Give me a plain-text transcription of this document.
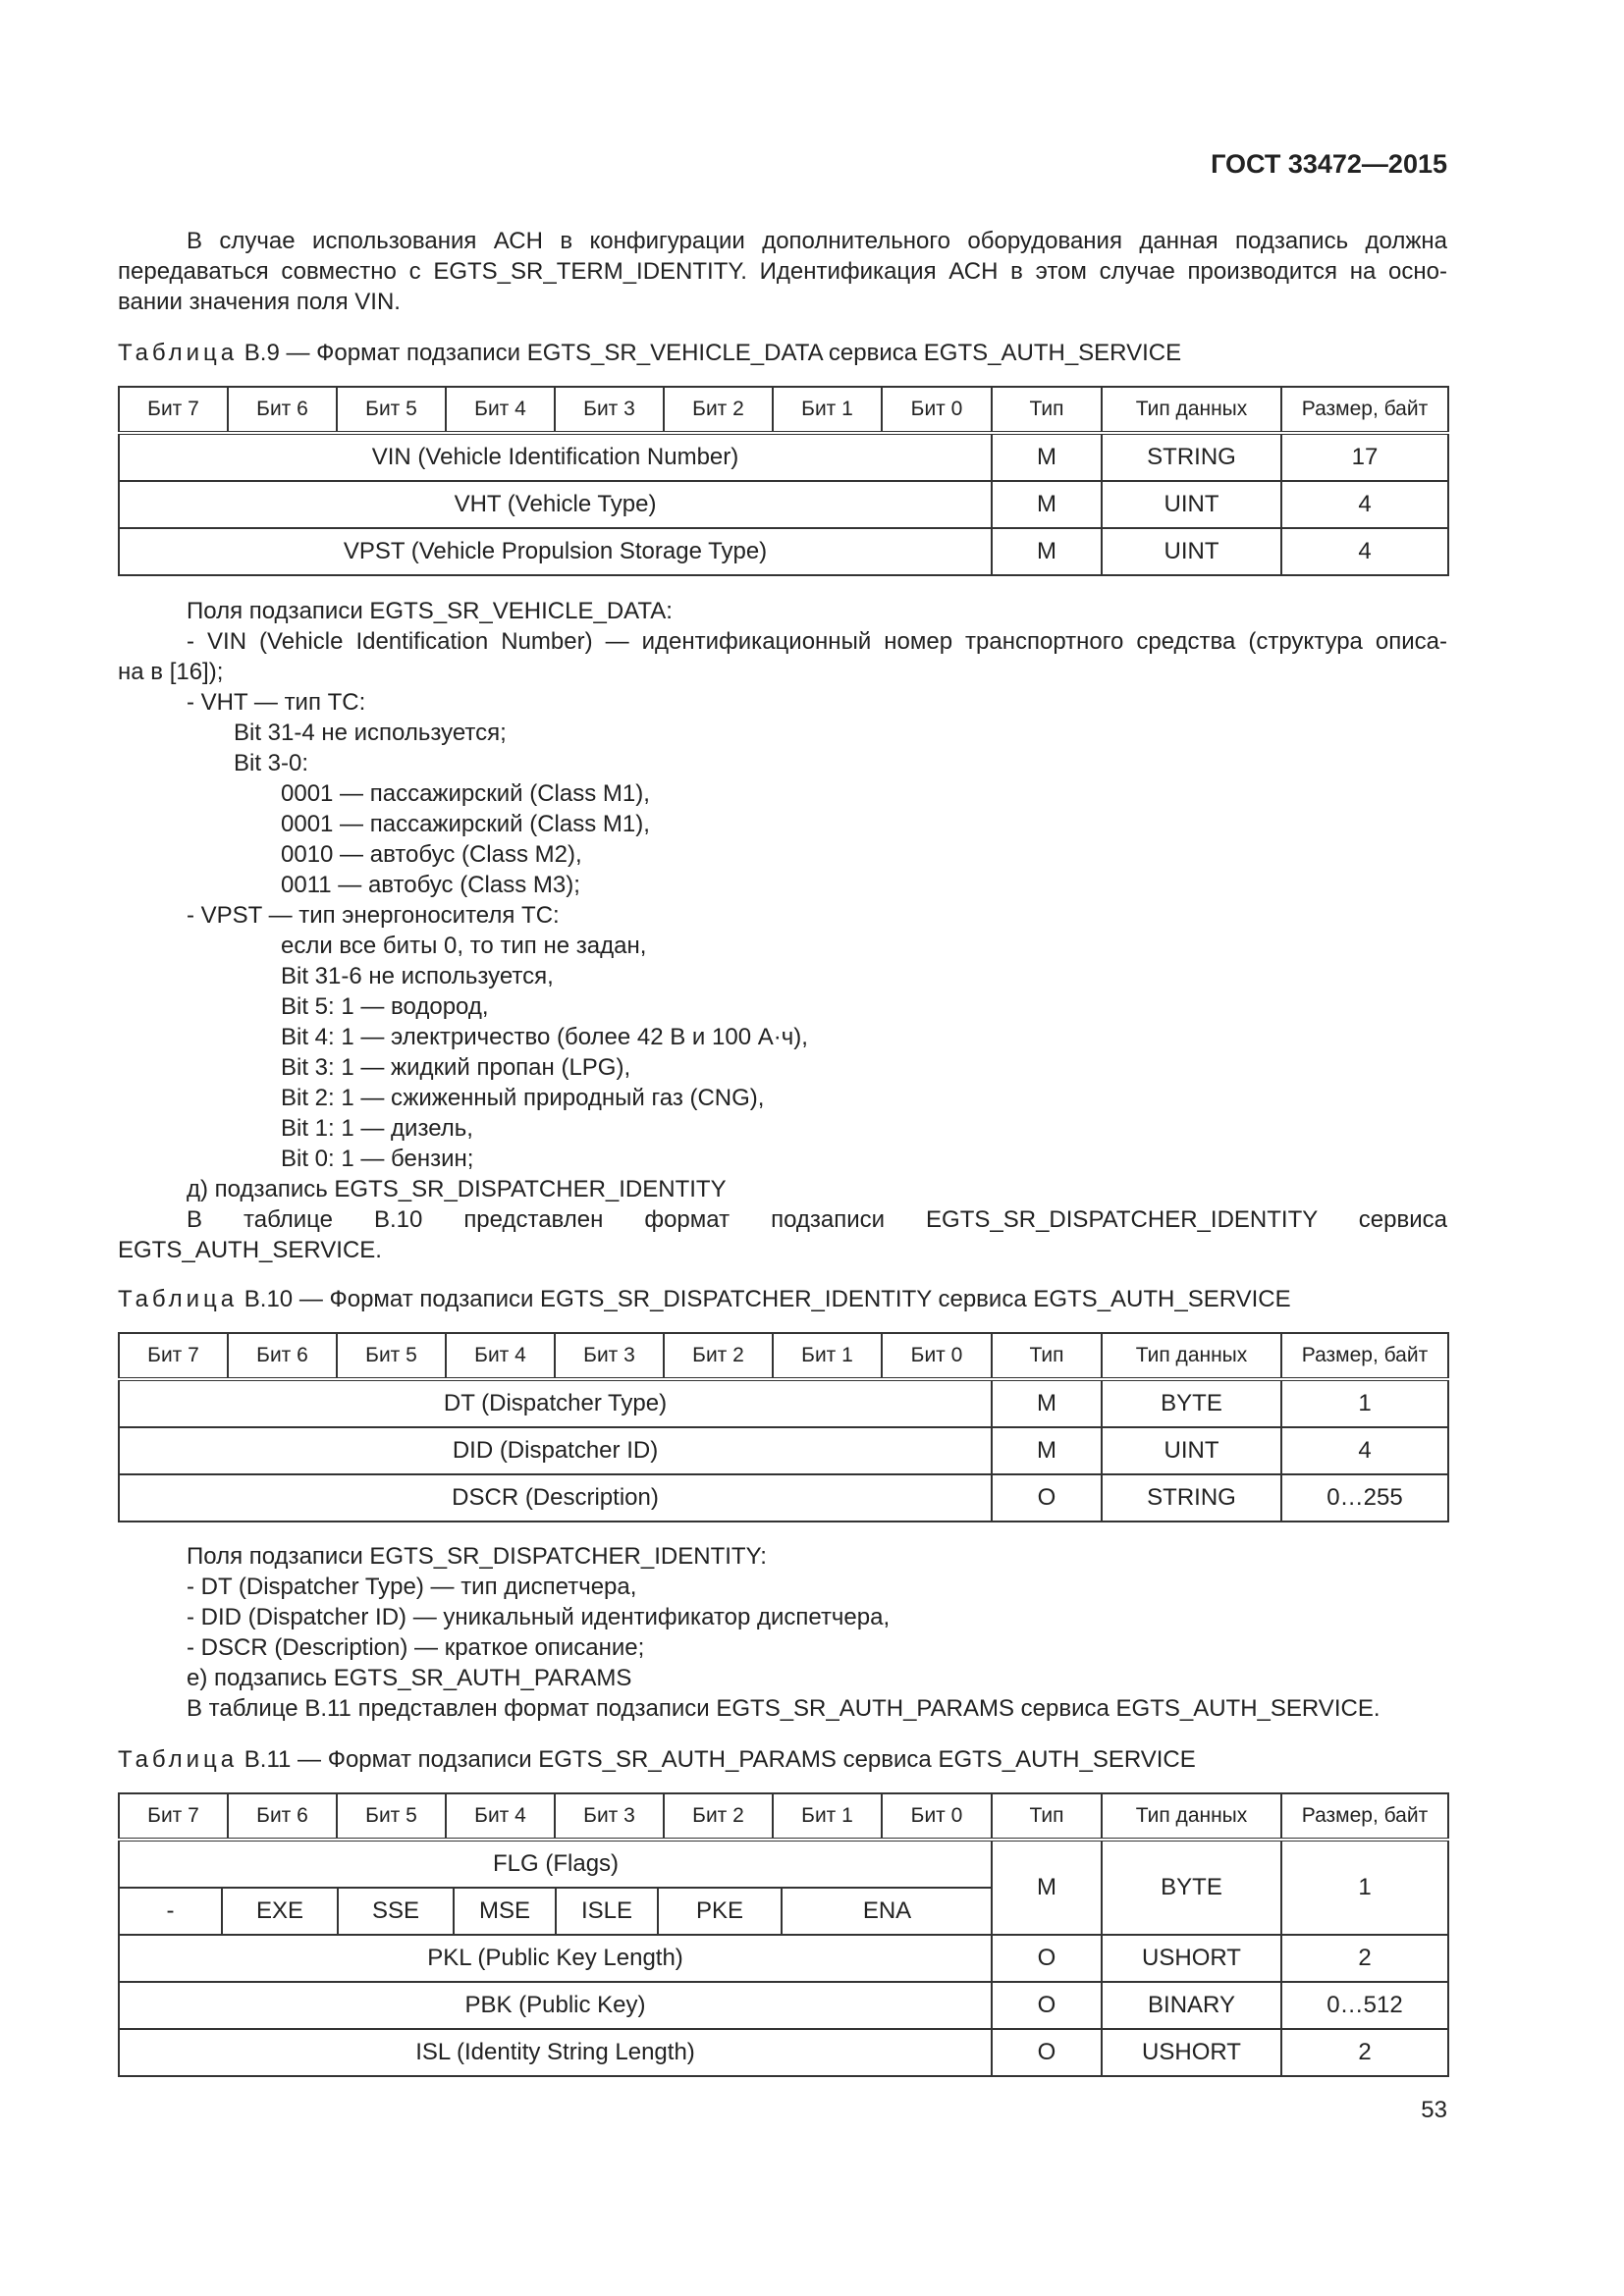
ГОСТ 33472—2015
В случае использования АСН в конфигурации дополнительного оборудования данная подзапись должна
передаваться совместно с EGTS_SR_TERM_IDENTITY. Идентификация АСН в этом случае производится на осно-
вании значения поля VIN.
Таблица В.9 — Формат подзаписи EGTS_SR_VEHICLE_DATA сервиса EGTS_AUTH_SERVICE
Бит 7	Бит 6	Бит 5	Бит 4	Бит 3	Бит 2	Бит 1	Бит 0	Тип	Тип данных	Размер, байт
VIN (Vehicle Identification Number)								M	STRING	17
VHT (Vehicle Type)								M	UINT	4
VPST (Vehicle Propulsion Storage Type)								M	UINT	4
Поля подзаписи EGTS_SR_VEHICLE_DATA:
- VIN (Vehicle Identification Number) — идентификационный номер транспортного средства (структура описа-
на в [16]);
- VHT — тип ТС:
Bit 31-4 не используется;
Bit 3-0:
0001 — пассажирский (Class M1),
0001 — пассажирский (Class M1),
0010 — автобус (Class M2),
0011 — автобус (Class M3);
- VPST — тип энергоносителя ТС:
если все биты 0, то тип не задан,
Bit 31-6 не используется,
Bit 5: 1 — водород,
Bit 4: 1 — электричество (более 42 В и 100 А·ч),
Bit 3: 1 — жидкий пропан (LPG),
Bit 2: 1 — сжиженный природный газ (CNG),
Bit 1: 1 — дизель,
Bit 0: 1 — бензин;
д) подзапись EGTS_SR_DISPATCHER_IDENTITY
В таблице В.10 представлен формат подзаписи EGTS_SR_DISPATCHER_IDENTITY сервиса
EGTS_AUTH_SERVICE.
Таблица В.10 — Формат подзаписи EGTS_SR_DISPATCHER_IDENTITY сервиса EGTS_AUTH_SERVICE
Бит 7	Бит 6	Бит 5	Бит 4	Бит 3	Бит 2	Бит 1	Бит 0	Тип	Тип данных	Размер, байт
DT (Dispatcher Type)								M	BYTE	1
DID (Dispatcher ID)								M	UINT	4
DSCR (Description)								O	STRING	0…255
Поля подзаписи EGTS_SR_DISPATCHER_IDENTITY:
- DT (Dispatcher Type) — тип диспетчера,
- DID (Dispatcher ID) — уникальный идентификатор диспетчера,
- DSCR (Description) — краткое описание;
е) подзапись EGTS_SR_AUTH_PARAMS
В таблице В.11 представлен формат подзаписи EGTS_SR_AUTH_PARAMS сервиса EGTS_AUTH_SERVICE.
Таблица В.11 — Формат подзаписи EGTS_SR_AUTH_PARAMS сервиса EGTS_AUTH_SERVICE
Бит 7	Бит 6	Бит 5	Бит 4	Бит 3	Бит 2	Бит 1	Бит 0	Тип	Тип данных	Размер, байт

FLG (Flags)
-	EXE	SSE	MSE	ISLE	PKE	ENA
	M	BYTE	1
PKL (Public Key Length)	O	USHORT	2
PBK (Public Key)	O	BINARY	0…512
ISL (Identity String Length)	O	USHORT	2
53
